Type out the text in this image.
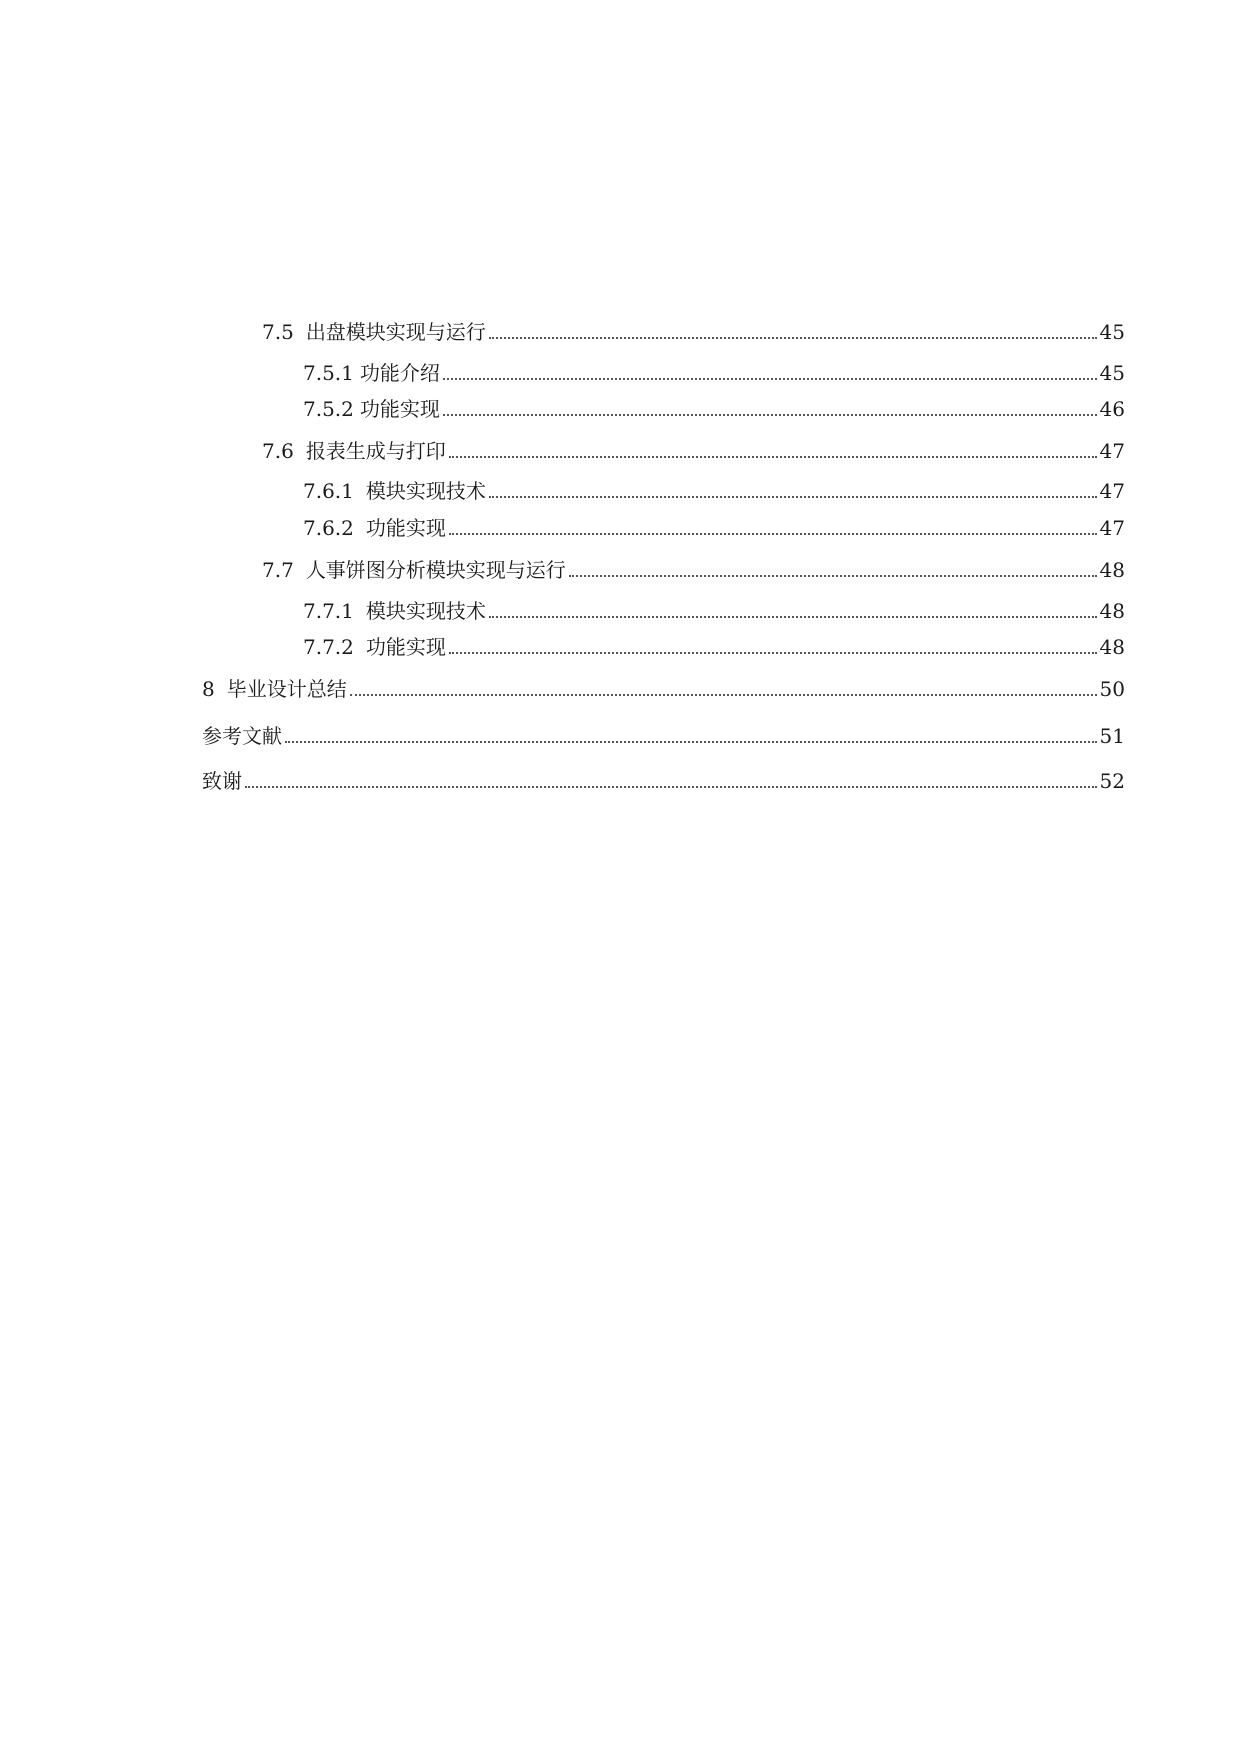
7.5 出盘模块实现与运行	45
7.5.1 功能介绍	45
7.5.2 功能实现	46
7.6 报表生成与打印	47
7.6.1 模块实现技术	47
7.6.2 功能实现	47
7.7 人事饼图分析模块实现与运行	48
7.7.1 模块实现技术	48
7.7.2 功能实现	48
8 毕业设计总结	50
参考文献	51
致谢	52
